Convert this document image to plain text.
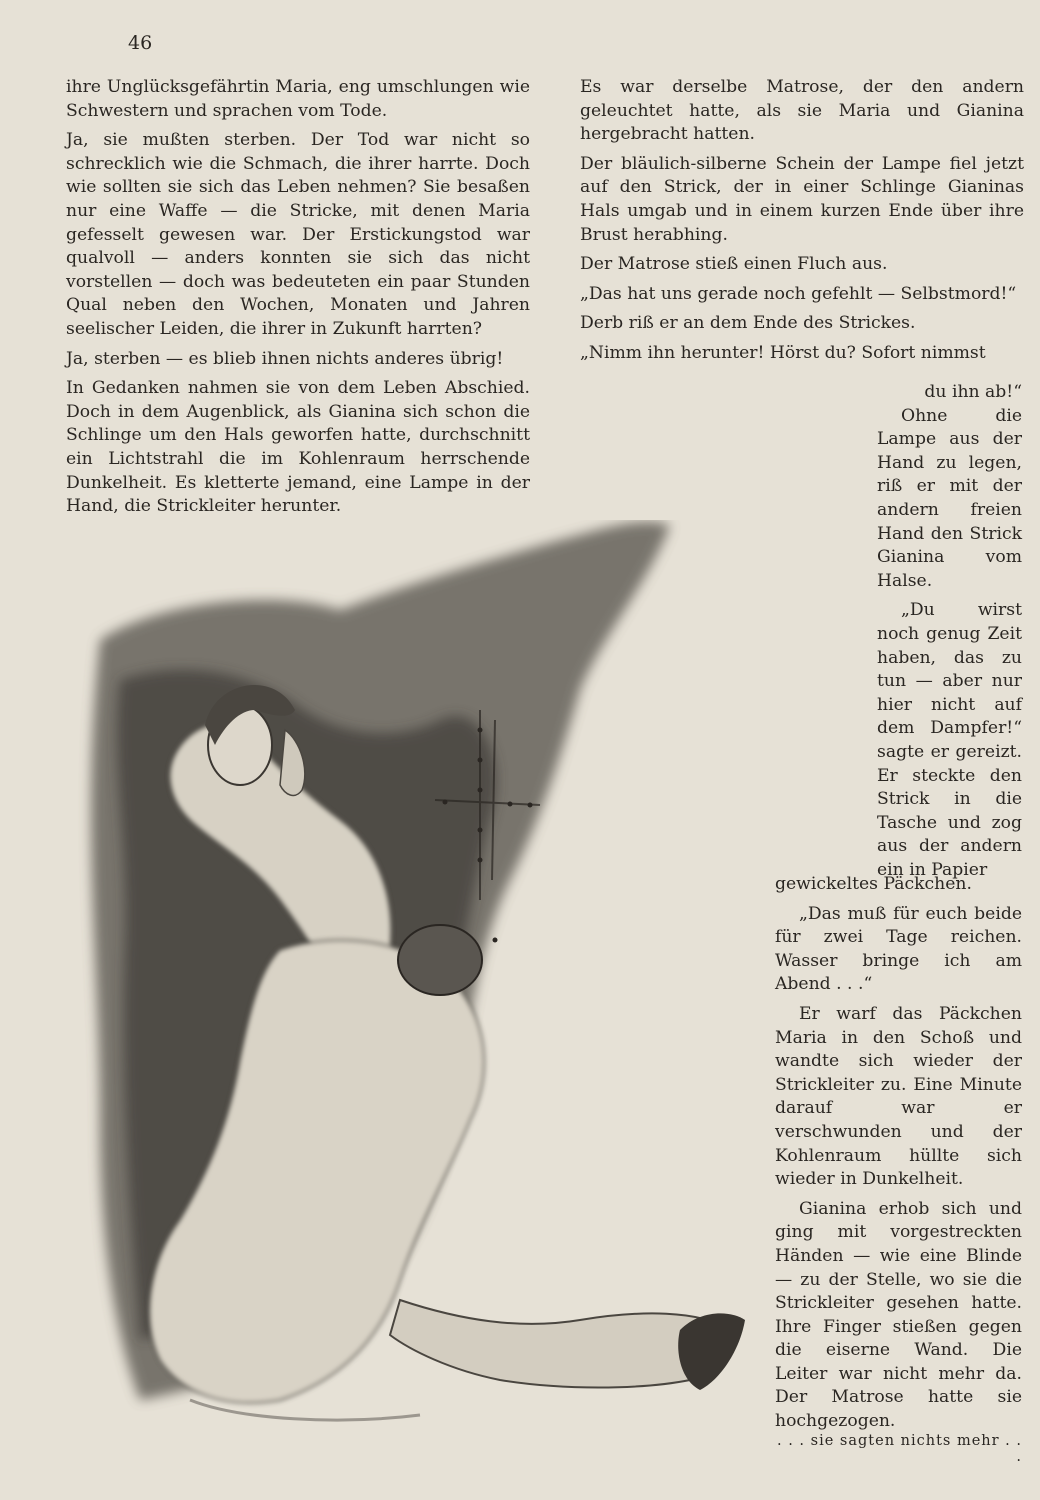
46

ihre Unglücksgefährtin Maria, eng umschlungen wie Schwestern und sprachen vom Tode.

Ja, sie mußten sterben. Der Tod war nicht so schrecklich wie die Schmach, die ihrer harrte. Doch wie sollten sie sich das Leben nehmen? Sie besaßen nur eine Waffe — die Stricke, mit denen Maria gefesselt gewesen war. Der Erstickungstod war qualvoll — anders konnten sie sich das nicht vorstellen — doch was bedeuteten ein paar Stunden Qual neben den Wochen, Monaten und Jahren seelischer Leiden, die ihrer in Zukunft harrten?

Ja, sterben — es blieb ihnen nichts anderes übrig!

In Gedanken nahmen sie von dem Leben Abschied. Doch in dem Augenblick, als Gianina sich schon die Schlinge um den Hals geworfen hatte, durchschnitt ein Lichtstrahl die im Kohlenraum herrschende Dunkelheit. Es kletterte jemand, eine Lampe in der Hand, die Strickleiter herunter.

Es war derselbe Matrose, der den andern geleuchtet hatte, als sie Maria und Gianina hergebracht hatten.

Der bläulich-silberne Schein der Lampe fiel jetzt auf den Strick, der in einer Schlinge Gianinas Hals umgab und in einem kurzen Ende über ihre Brust herabhing.

Der Matrose stieß einen Fluch aus.

„Das hat uns gerade noch gefehlt — Selbstmord!“

Derb riß er an dem Ende des Strickes.

„Nimm ihn herunter! Hörst du? Sofort nimmst

du ihn ab!“

Ohne die Lampe aus der Hand zu legen, riß er mit der andern freien Hand den Strick Gianina vom Halse.

„Du wirst noch genug Zeit haben, das zu tun — aber nur hier nicht auf dem Dampfer!“ sagte er gereizt. Er steckte den Strick in die Tasche und zog aus der andern ein in Papier

gewickeltes Päckchen.

„Das muß für euch beide für zwei Tage reichen. Wasser bringe ich am Abend . . .“

Er warf das Päckchen Maria in den Schoß und wandte sich wieder der Strickleiter zu. Eine Minute darauf war er verschwunden und der Kohlenraum hüllte sich wieder in Dunkelheit.

Gianina erhob sich und ging mit vorgestreckten Händen — wie eine Blinde — zu der Stelle, wo sie die Strickleiter gesehen hatte. Ihre Finger stießen gegen die eiserne Wand. Die Leiter war nicht mehr da. Der Matrose hatte sie hochgezogen.

. . . sie sagten nichts mehr . . .
